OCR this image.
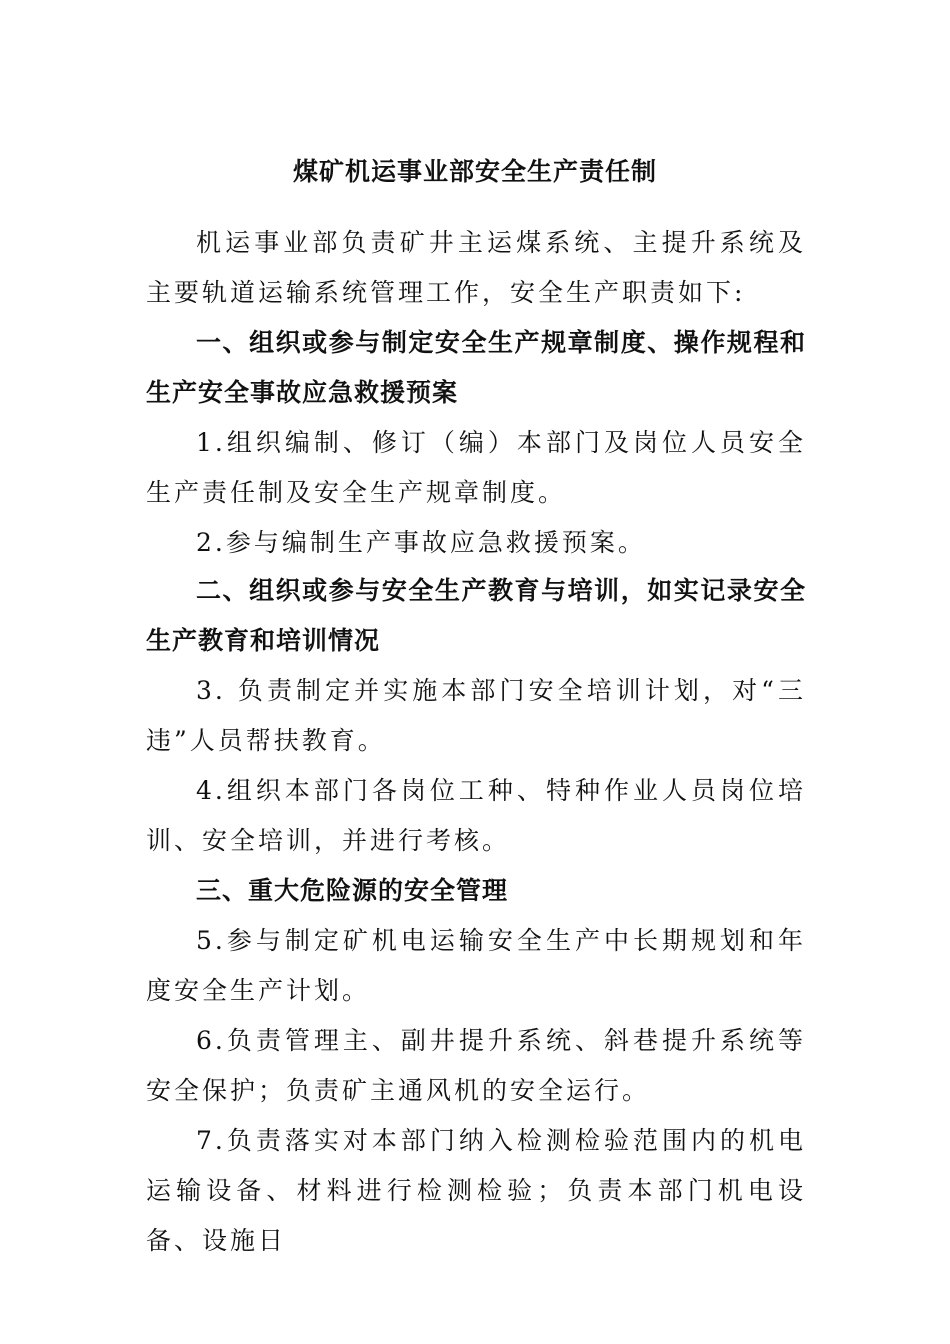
煤矿机运事业部安全生产责任制

机运事业部负责矿井主运煤系统、主提升系统及主要轨道运输系统管理工作，安全生产职责如下:

一、组织或参与制定安全生产规章制度、操作规程和生产安全事故应急救援预案

1.组织编制、修订（编）本部门及岗位人员安全生产责任制及安全生产规章制度。

2.参与编制生产事故应急救援预案。

二、组织或参与安全生产教育与培训，如实记录安全生产教育和培训情况

3. 负责制定并实施本部门安全培训计划，对“三违”人员帮扶教育。

4.组织本部门各岗位工种、特种作业人员岗位培训、安全培训，并进行考核。

三、重大危险源的安全管理

5.参与制定矿机电运输安全生产中长期规划和年度安全生产计划。

6.负责管理主、副井提升系统、斜巷提升系统等安全保护；负责矿主通风机的安全运行。

7.负责落实对本部门纳入检测检验范围内的机电运输设备、材料进行检测检验；负责本部门机电设备、设施日
